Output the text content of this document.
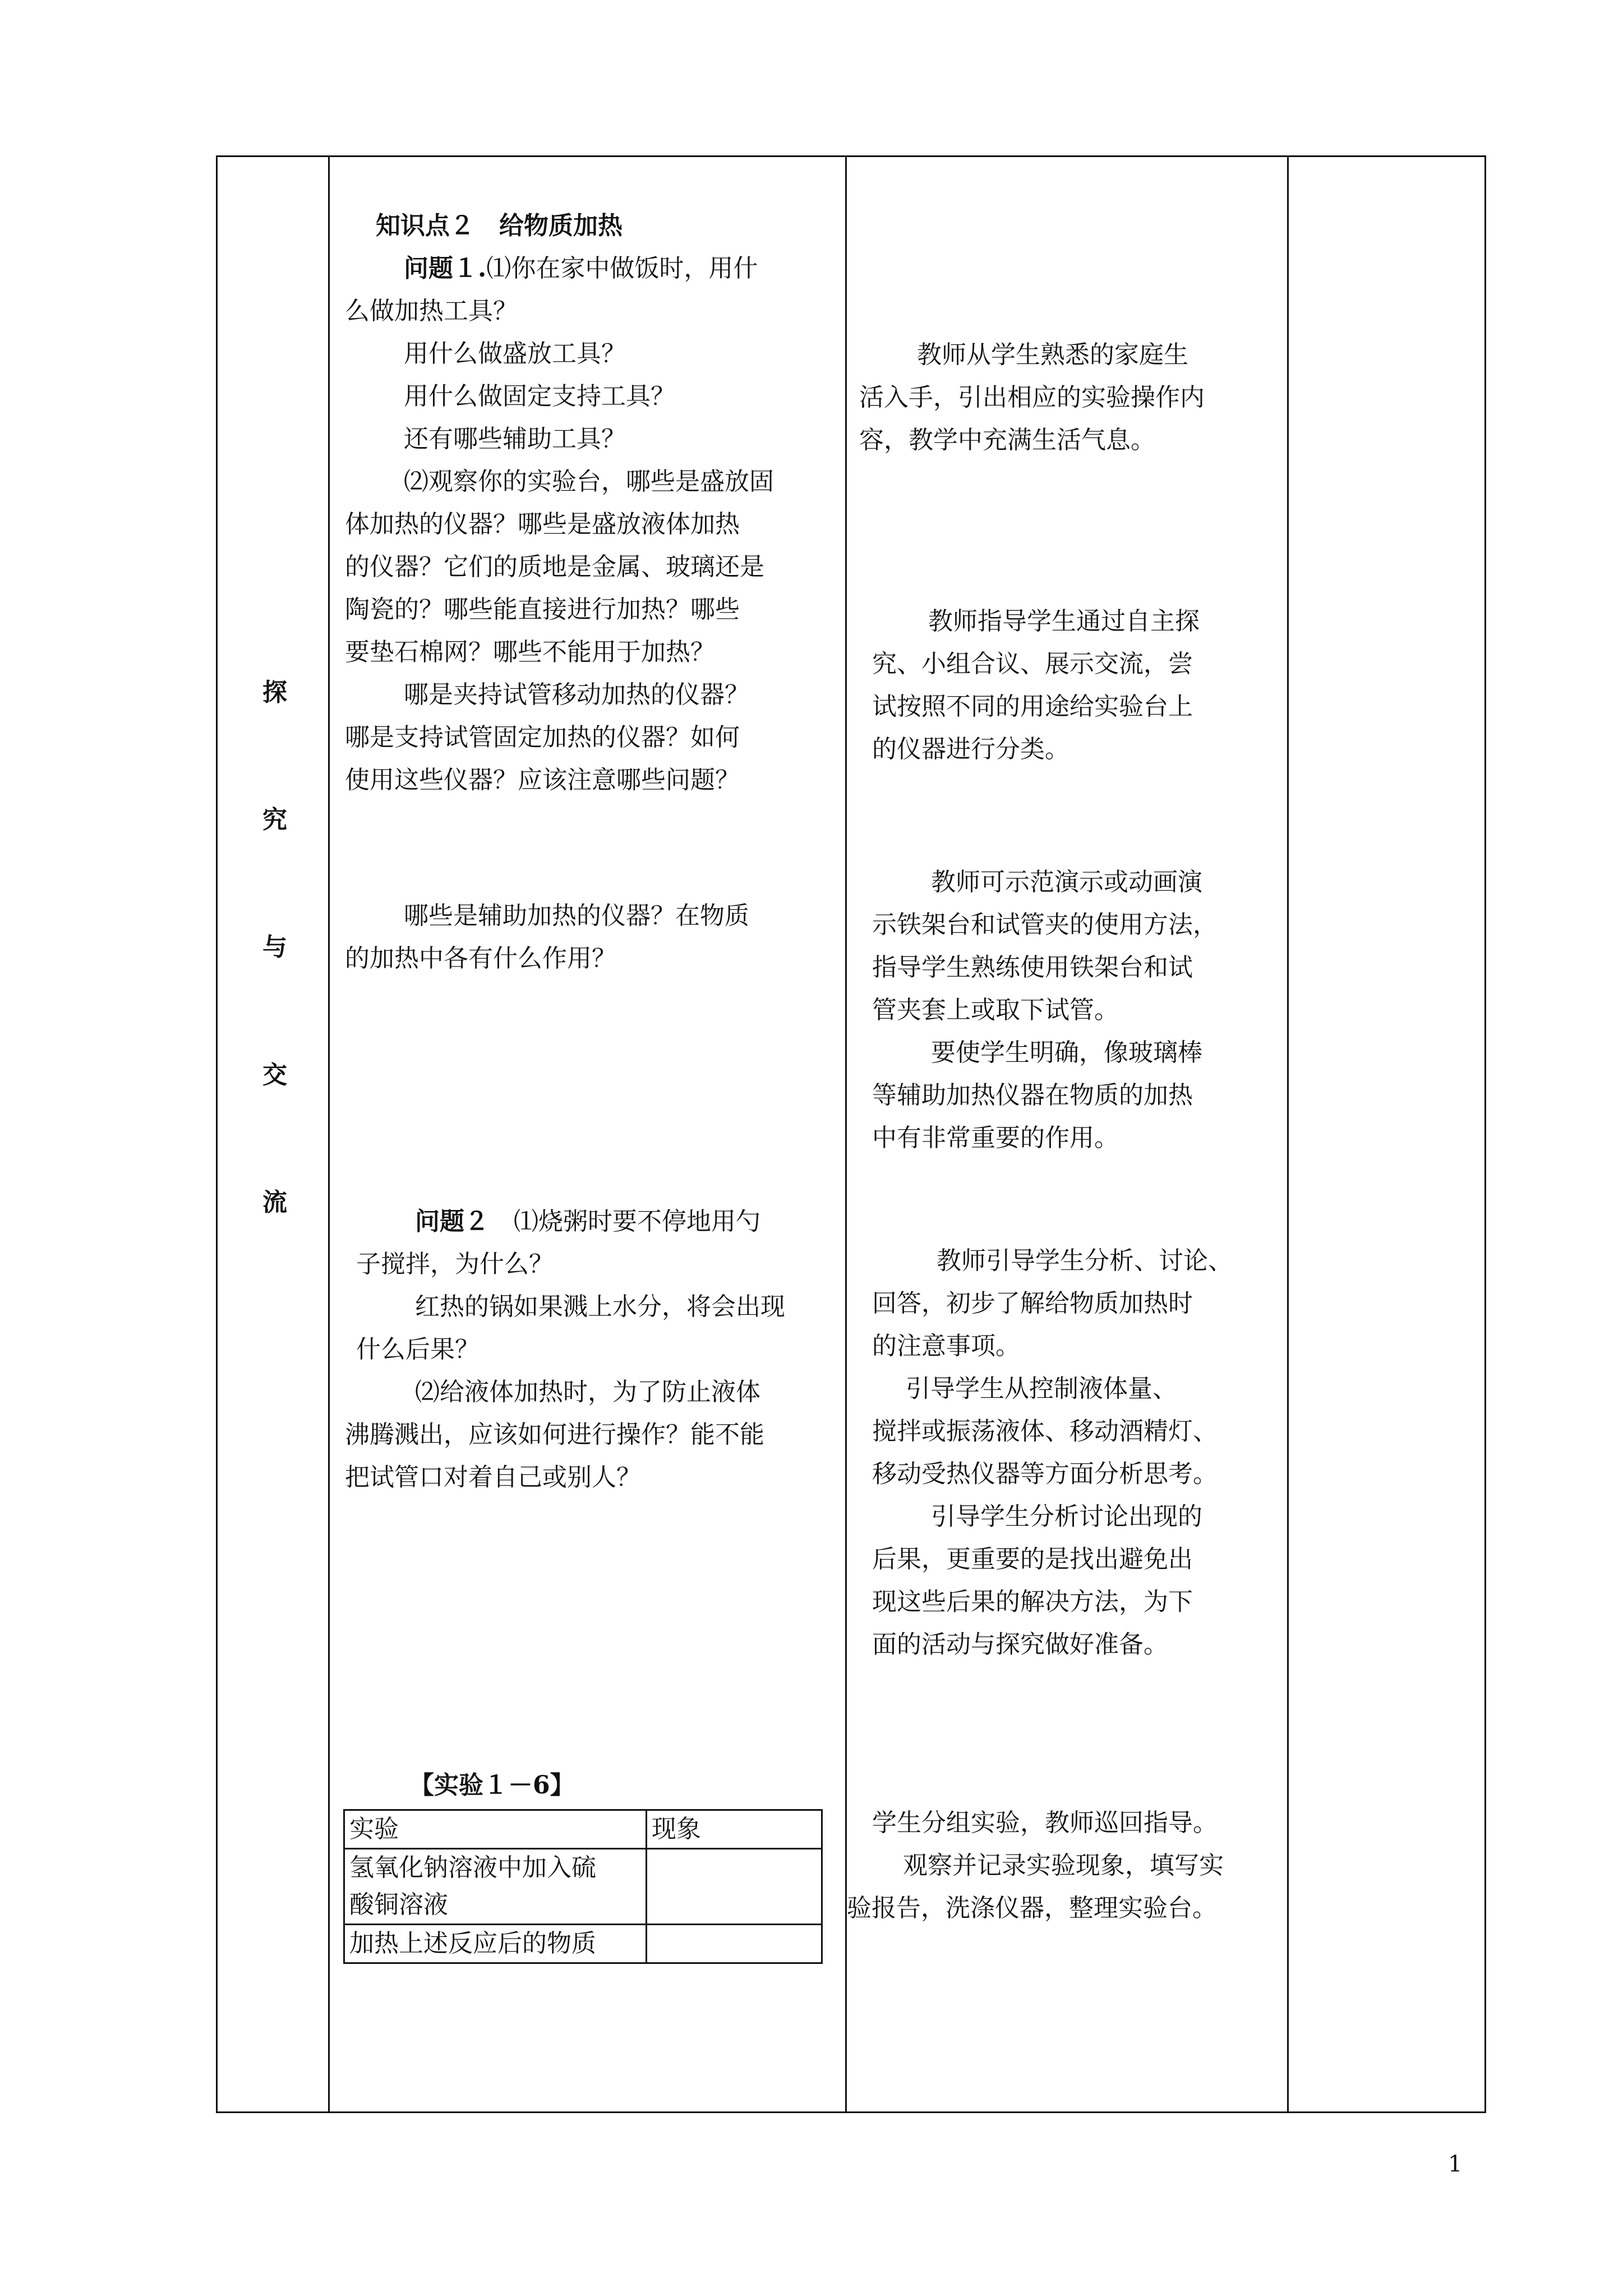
探
究
与
交
流
知识点２　给物质加热
问题１.⑴你在家中做饭时，用什
么做加热工具？
用什么做盛放工具？
用什么做固定支持工具？
还有哪些辅助工具？
⑵观察你的实验台，哪些是盛放固
体加热的仪器？哪些是盛放液体加热
的仪器？它们的质地是金属、玻璃还是
陶瓷的？哪些能直接进行加热？哪些
要垫石棉网？哪些不能用于加热？
哪是夹持试管移动加热的仪器？
哪是支持试管固定加热的仪器？如何
使用这些仪器？应该注意哪些问题？
哪些是辅助加热的仪器？在物质
的加热中各有什么作用？
问题２　 ⑴烧粥时要不停地用勺
子搅拌，为什么？
红热的锅如果溅上水分，将会出现
什么后果？
⑵给液体加热时，为了防止液体
沸腾溅出，应该如何进行操作？能不能
把试管口对着自己或别人？
【实验１－6】
实验	现象

氢氧化钠溶液中加入硫
酸铜溶液	

加热上述反应后的物质	
教师从学生熟悉的家庭生
活入手，引出相应的实验操作内
容，教学中充满生活气息。
教师指导学生通过自主探
究、小组合议、展示交流，尝
试按照不同的用途给实验台上
的仪器进行分类。
教师可示范演示或动画演
示铁架台和试管夹的使用方法，
指导学生熟练使用铁架台和试
管夹套上或取下试管。
要使学生明确，像玻璃棒
等辅助加热仪器在物质的加热
中有非常重要的作用。
教师引导学生分析、讨论、
回答，初步了解给物质加热时
的注意事项。
引导学生从控制液体量、
搅拌或振荡液体、移动酒精灯、
移动受热仪器等方面分析思考。
引导学生分析讨论出现的
后果，更重要的是找出避免出
现这些后果的解决方法，为下
面的活动与探究做好准备。
学生分组实验，教师巡回指导。
观察并记录实验现象，填写实
验报告，洗涤仪器，整理实验台。
1
